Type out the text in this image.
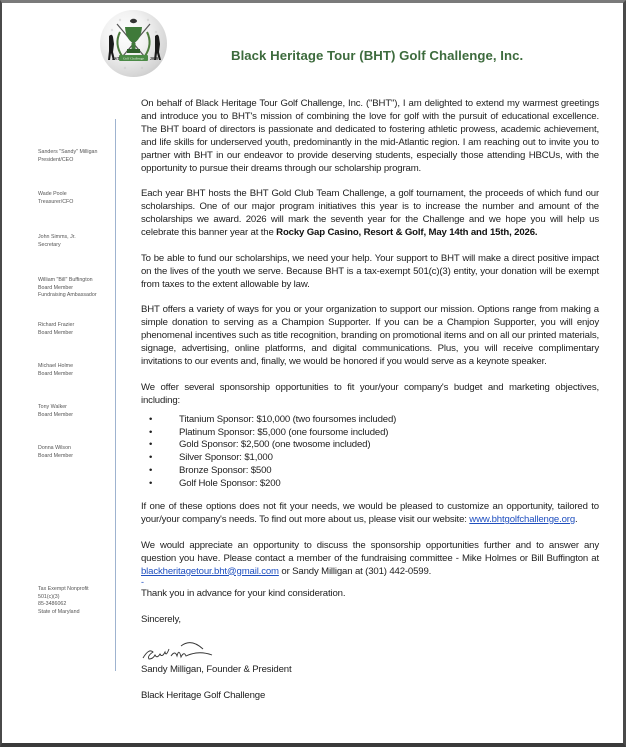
Golf Challenge
EST	2020	Black Heritage Tour (BHT) Golf Challenge, Inc.
Sanders "Sandy" Milligan
President/CEO
Wade Poole
Treasurer/CFO
John Simms, Jr.
Secretary
William "Bill" Buffington
Board Member
Fundraising Ambassador
Richard Frazier
Board Member
Michael Holme
Board Member
Tony Walker
Board Member
Donna Wilson
Board Member
Tax Exempt Nonprofit
501(c)(3)
85-3486062
State of Maryland

On behalf of Black Heritage Tour Golf Challenge, Inc. ("BHT"), I am delighted to extend my warmest greetings and introduce you to BHT's mission of combining the love for golf with the pursuit of educational excellence. The BHT board of directors is passionate and dedicated to fostering athletic prowess, academic achievement, and life skills for underserved youth, predominantly in the mid-Atlantic region. I am reaching out to invite you to partner with BHT in our endeavor to provide deserving students, especially those attending HBCUs, with the opportunity to pursue their dreams through our scholarship program.

Each year BHT hosts the BHT Gold Club Team Challenge, a golf tournament, the proceeds of which fund our scholarships. One of our major program initiatives this year is to increase the number and amount of the scholarships we award. 2026 will mark the seventh year for the Challenge and we hope you will help us celebrate this banner year at the Rocky Gap Casino, Resort & Golf, May 14th and 15th, 2026.

To be able to fund our scholarships, we need your help. Your support to BHT will make a direct positive impact on the lives of the youth we serve. Because BHT is a tax-exempt 501(c)(3) entity, your donation will be exempt from taxes to the extent allowable by law.

BHT offers a variety of ways for you or your organization to support our mission. Options range from making a simple donation to serving as a Champion Supporter. If you can be a Champion Supporter, you will enjoy phenomenal incentives such as title recognition, branding on promotional items and on all our printed materials, signage, advertising, online platforms, and digital communications. Plus, you will receive complimentary invitations to our events and, finally, we would be honored if you would serve as a keynote speaker.

We offer several sponsorship opportunities to fit your/your company's budget and marketing objectives, including:

•	Titanium Sponsor: $10,000 (two foursomes included)
•	Platinum Sponsor: $5,000 (one foursome included)
•	Gold Sponsor: $2,500 (one twosome included)
•	Silver Sponsor: $1,000
•	Bronze Sponsor: $500
•	Golf Hole Sponsor: $200

If one of these options does not fit your needs, we would be pleased to customize an opportunity, tailored to your/your company's needs. To find out more about us, please visit our website: www.bhtgolfchallenge.org.

We would appreciate an opportunity to discuss the sponsorship opportunities further and to answer any question you have. Please contact a member of the fundraising committee - Mike Holmes or Bill Buffington at blackheritagetour.bht@gmail.com or Sandy Milligan at (301) 442-0599.

-

Thank you in advance for your kind consideration.

Sincerely,

Sandy Milligan, Founder & President

Black Heritage Golf Challenge
